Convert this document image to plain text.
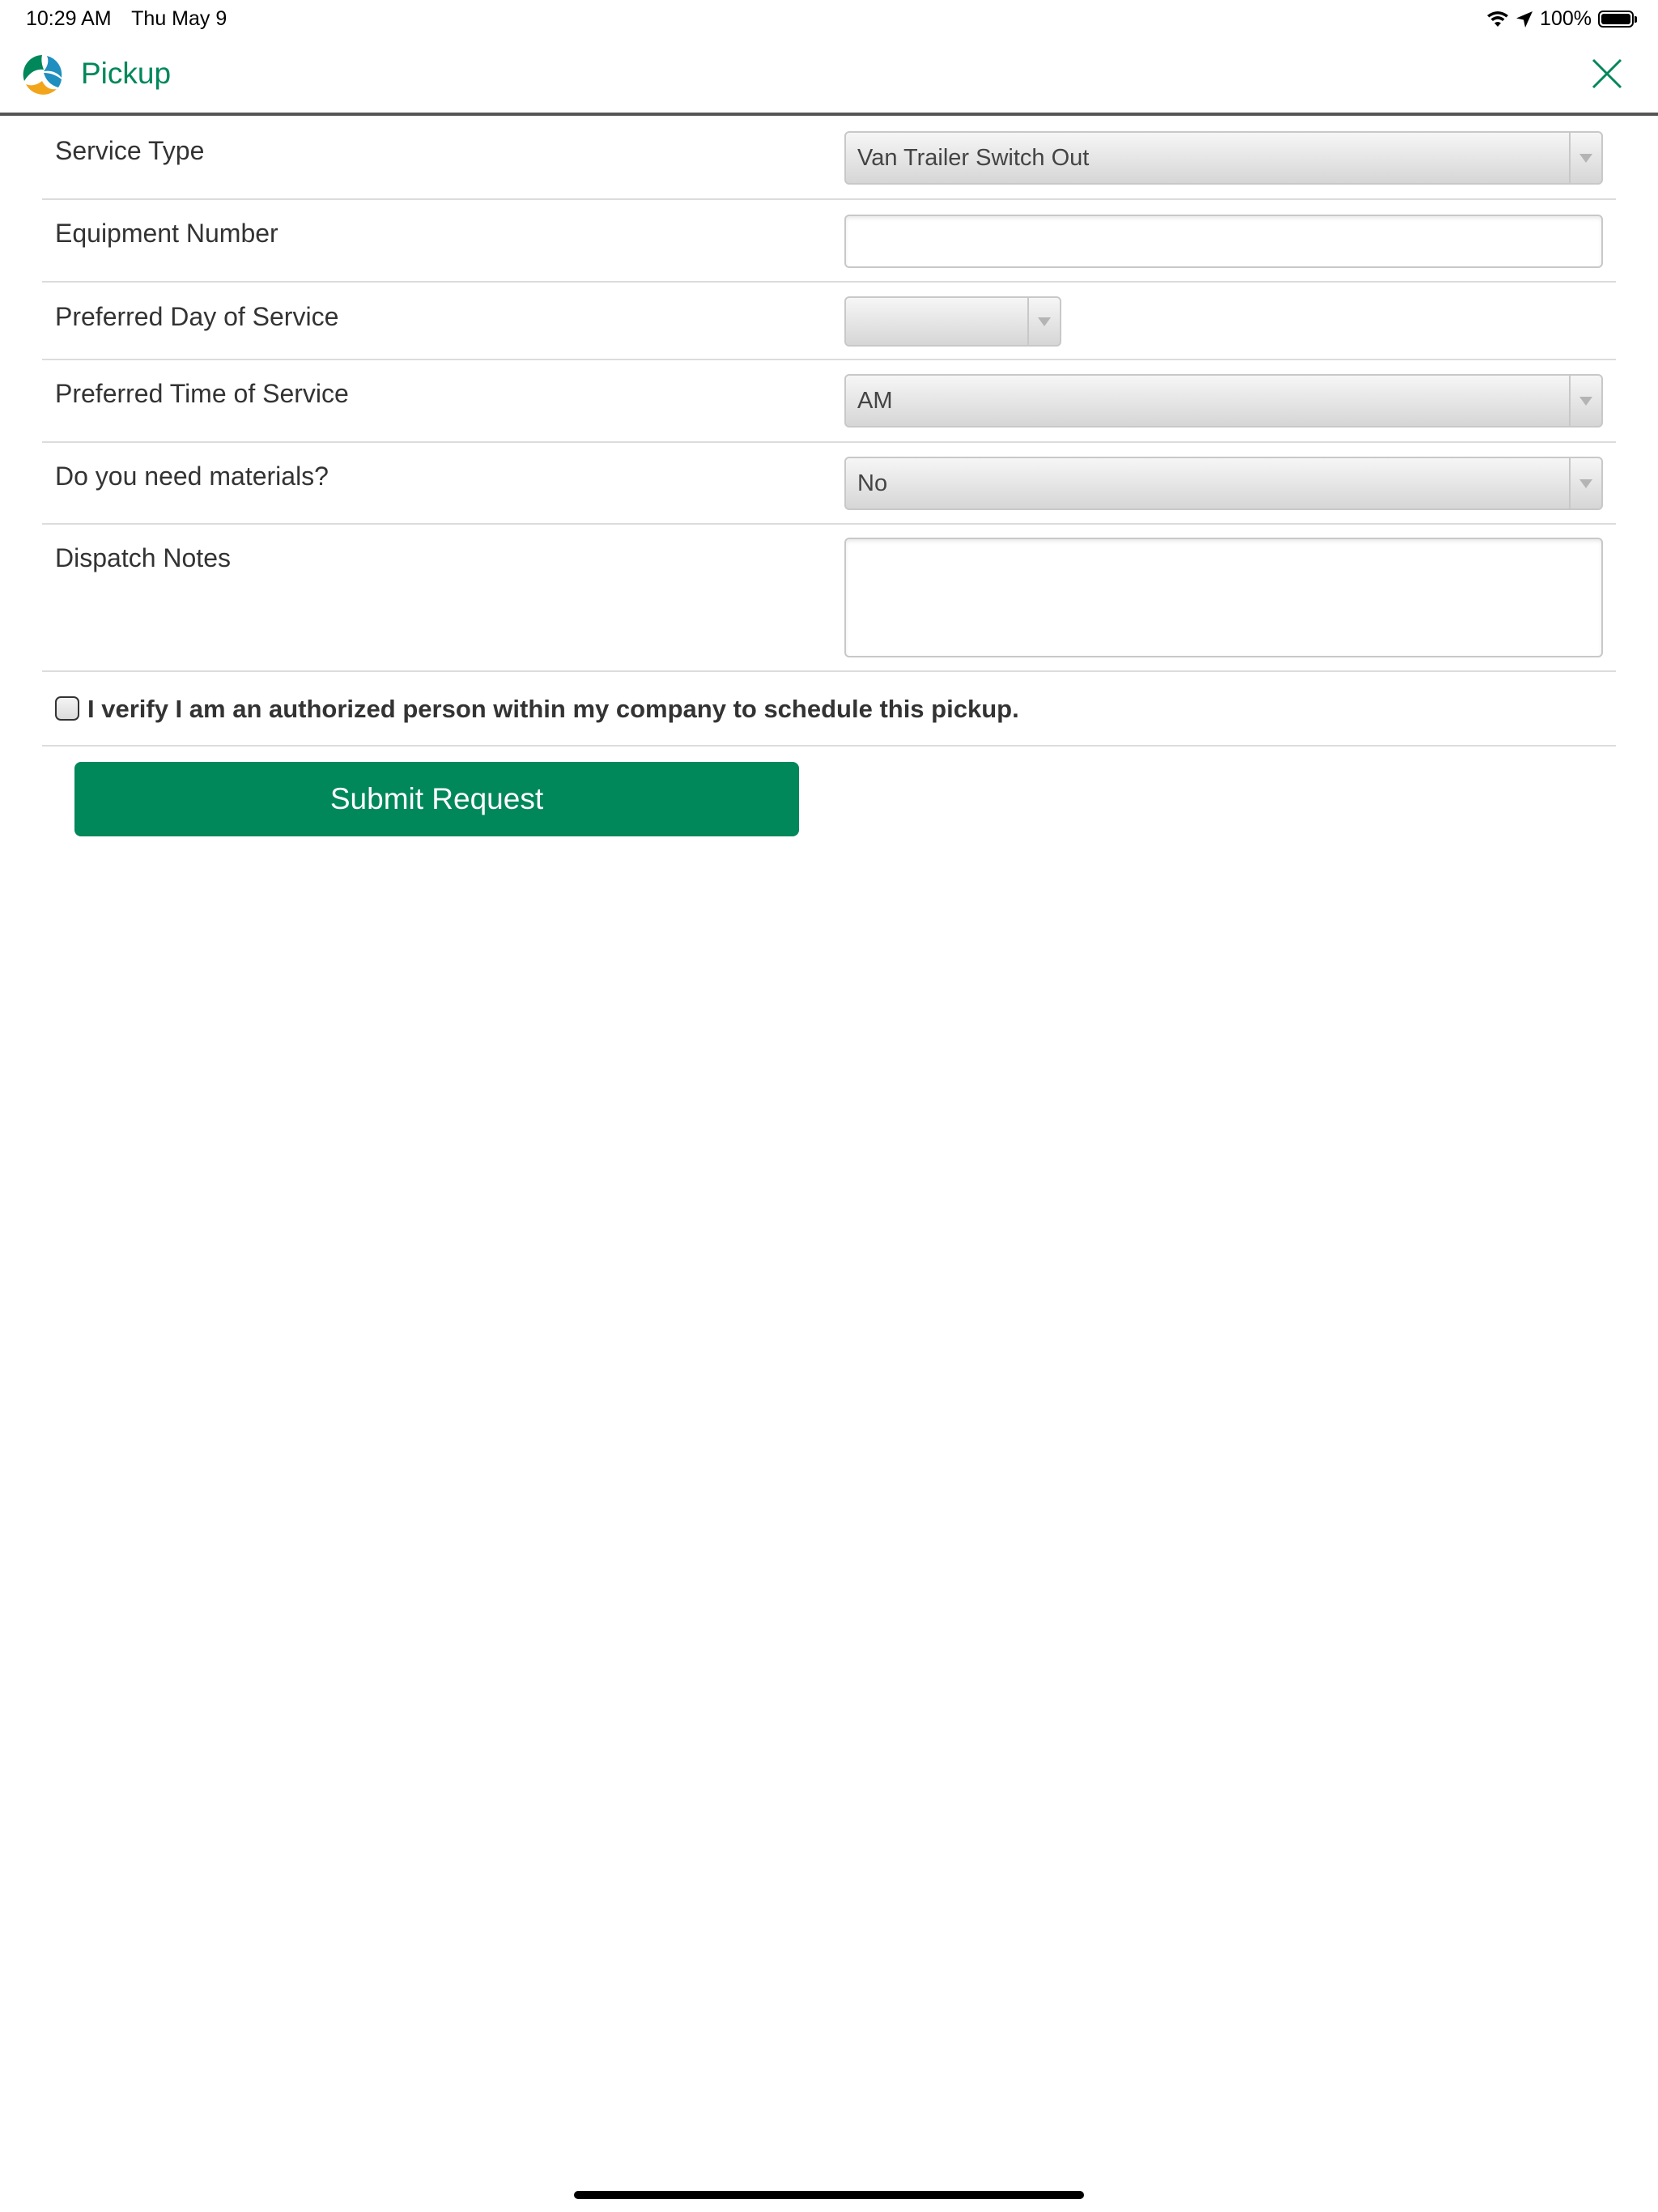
10:29 AM Thu May 9	100%
Pickup
Service Type	Van Trailer Switch Out
Equipment Number
Preferred Day of Service
Preferred Time of Service	AM
Do you need materials?	No
Dispatch Notes
I verify I am an authorized person within my company to schedule this pickup.
Submit Request
